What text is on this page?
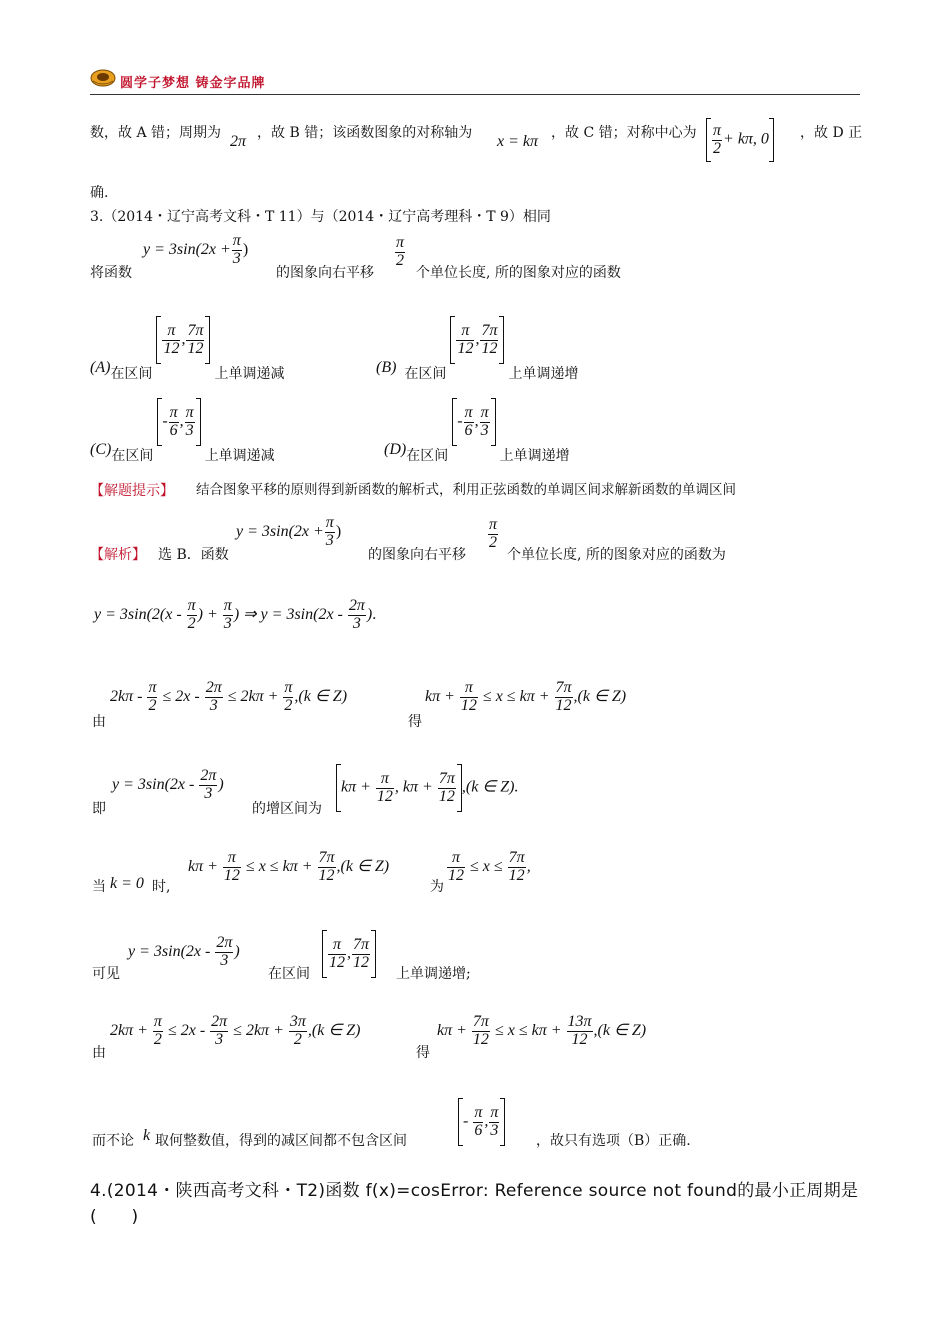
圆学子梦想 铸金字品牌
数，故 A 错；周期为 2π ，故 B 错；该函数图象的对称轴为 x = kπ ，故 C 错；对称中心为 $\frac{\pi}{2} + k\pi$, 0	，故 D 正
确.
3.（2014・辽宁高考文科・T 11）与（2014・辽宁高考理科・T 9）相同
将函数
$y = 3\sin(2x + \frac{\pi}{3}$ )
的图象向右平移
$\frac{\pi}{2}$
个单位长度, 所的图象对应的函数
(A)在区间
$\frac{\pi}{12}$ , $\frac{7\pi}{12}$
上单调递减	(B) 在区间
$\frac{\pi}{12}$ , $\frac{7\pi}{12}$
上单调递增
(C)在区间 - $\frac{\pi}{6}$ , $\frac{\pi}{3}$
上单调递减	(D)在区间 - $\frac{\pi}{6}$ , $\frac{\pi}{3}$
上单调递增
【解题提示】 结合图象平移的原则得到新函数的解析式，利用正弦函数的单调区间求解新函数的单调区间
【解析】 选 B．函数
$y = 3\sin(2x + \frac{\pi}{3}$ )
的图象向右平移
$\frac{\pi}{2}$
个单位长度, 所的图象对应的函数为
$y = 3\sin(2(x - \frac{\pi}{2}$ ) + $\frac{\pi}{3}$ ) ⇒ $y = 3\sin(2x - \frac{2\pi}{3}$ ).
由
$2k\pi - \frac{\pi}{2} \le 2x - \frac{2\pi}{3} \le 2k\pi + \frac{\pi}{2} ,(k$ ∈ Z)
得
$k\pi + \frac{\pi}{12} \le x \le k\pi + \frac{7\pi}{12} ,(k$ ∈ Z)
即
$y = 3\sin(2x - \frac{2\pi}{3}$ )
的增区间为
$k\pi + \frac{\pi}{12}$ , $k\pi + \frac{7\pi}{12} ,(k$ ∈ Z).
当 k = 0 时,
$k\pi + \frac{\pi}{12} \le x \le k\pi + \frac{7\pi}{12} ,(k$ ∈ Z)
为
$\frac{\pi}{12} \le x \le \frac{7\pi}{12}$ ,
可见
$y = 3\sin(2x - \frac{2\pi}{3}$ )
在区间
$\frac{\pi}{12}$ , $\frac{7\pi}{12}$
上单调递增;
由
$2k\pi + \frac{\pi}{2} \le 2x - \frac{2\pi}{3} \le 2k\pi + \frac{3\pi}{2} ,(k$ ∈ Z)
得
$k\pi + \frac{7\pi}{12} \le x \le k\pi + \frac{13\pi}{12} ,(k$ ∈ Z)
而不论 k 取何整数值，得到的减区间都不包含区间
- $\frac{\pi}{6}$ , $\frac{\pi}{3}$
，故只有选项（B）正确.
4.(2014・陕西高考文科・T2)函数 f(x)=cosError: Reference source not found的最小正周期是 (　　)
